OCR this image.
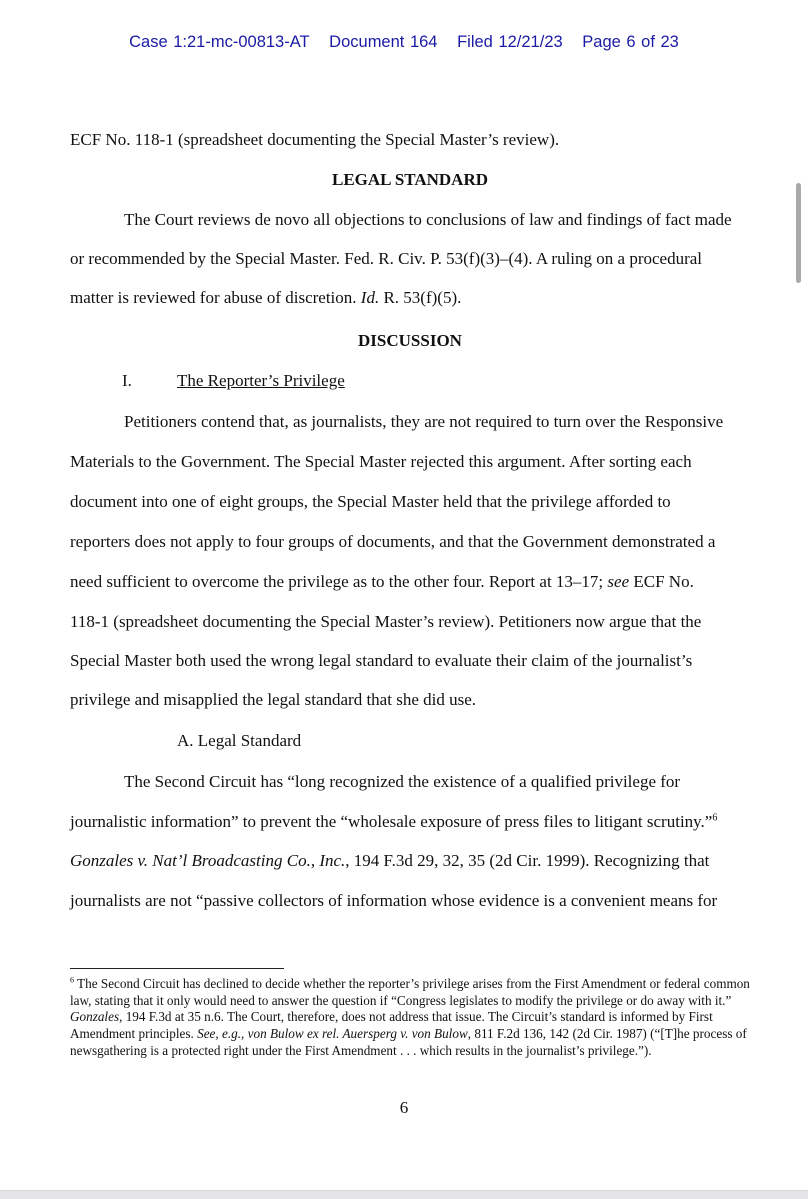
Case 1:21-mc-00813-AT Document 164 Filed 12/21/23 Page 6 of 23
ECF No. 118-1 (spreadsheet documenting the Special Master’s review).
LEGAL STANDARD
The Court reviews de novo all objections to conclusions of law and findings of fact made
or recommended by the Special Master. Fed. R. Civ. P. 53(f)(3)–(4). A ruling on a procedural
matter is reviewed for abuse of discretion. Id. R. 53(f)(5).
DISCUSSION
I.	The Reporter’s Privilege
Petitioners contend that, as journalists, they are not required to turn over the Responsive
Materials to the Government. The Special Master rejected this argument. After sorting each
document into one of eight groups, the Special Master held that the privilege afforded to
reporters does not apply to four groups of documents, and that the Government demonstrated a
need sufficient to overcome the privilege as to the other four. Report at 13–17; see ECF No.
118-1 (spreadsheet documenting the Special Master’s review). Petitioners now argue that the
Special Master both used the wrong legal standard to evaluate their claim of the journalist’s
privilege and misapplied the legal standard that she did use.
A. Legal Standard
The Second Circuit has “long recognized the existence of a qualified privilege for
journalistic information” to prevent the “wholesale exposure of press files to litigant scrutiny.”$^6$
Gonzales v. Nat’l Broadcasting Co., Inc., 194 F.3d 29, 32, 35 (2d Cir. 1999). Recognizing that
journalists are not “passive collectors of information whose evidence is a convenient means for
$^6$ The Second Circuit has declined to decide whether the reporter’s privilege arises from the First Amendment or federal common law, stating that it only would need to answer the question if “Congress legislates to modify the privilege or do away with it.” Gonzales, 194 F.3d at 35 n.6. The Court, therefore, does not address that issue. The Circuit’s standard is informed by First Amendment principles. See, e.g., von Bulow ex rel. Auersperg v. von Bulow, 811 F.2d 136, 142 (2d Cir. 1987) (“[T]he process of newsgathering is a protected right under the First Amendment . . . which results in the journalist’s privilege.”).
6
